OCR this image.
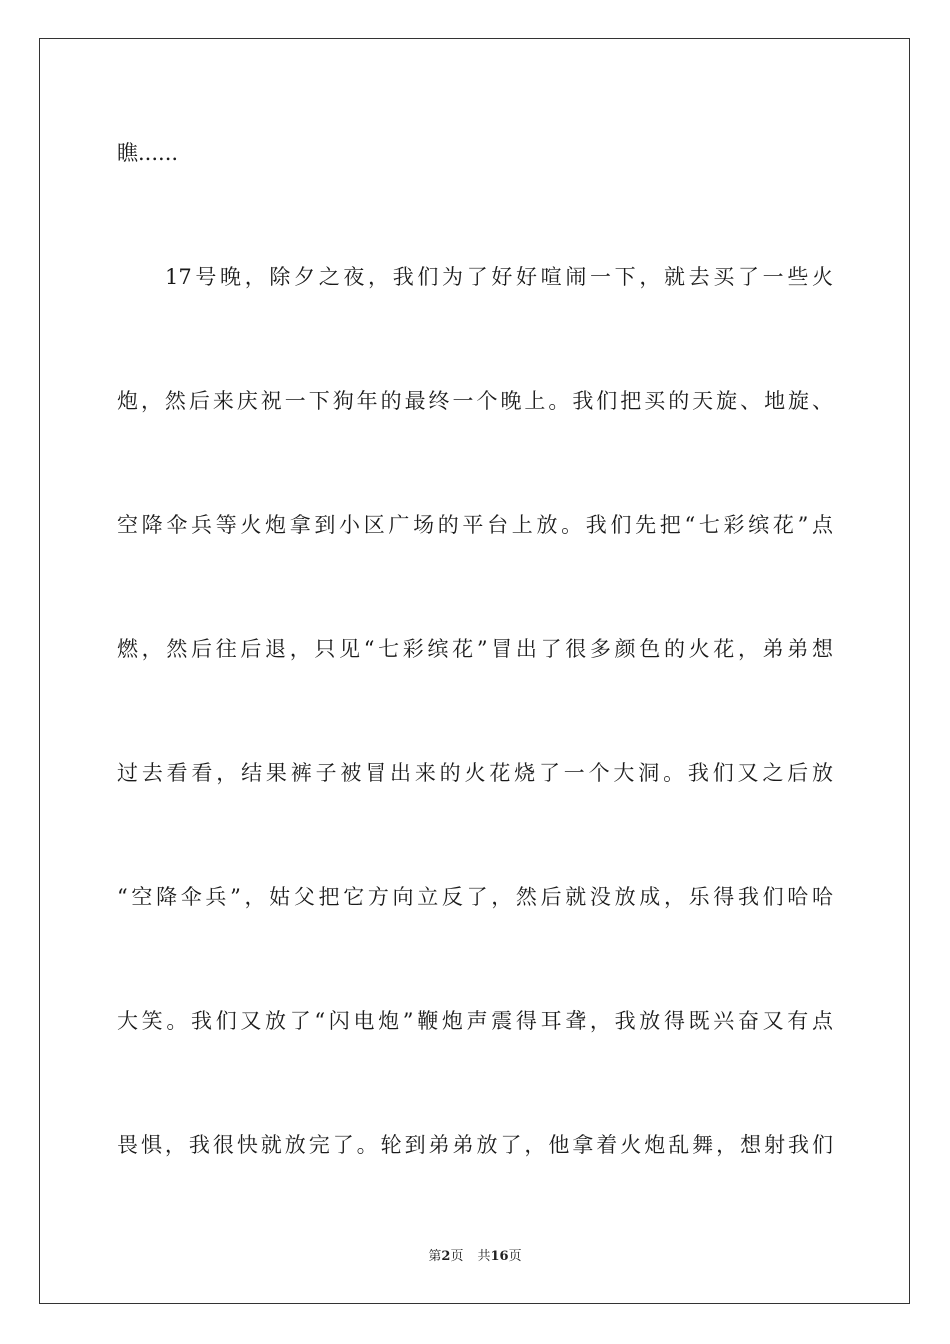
瞧......
17号晚，除夕之夜，我们为了好好喧闹一下，就去买了一些火
炮，然后来庆祝一下狗年的最终一个晚上。我们把买的天旋、地旋、
空降伞兵等火炮拿到小区广场的平台上放。我们先把“七彩缤花”点
燃，然后往后退，只见“七彩缤花”冒出了很多颜色的火花，弟弟想
过去看看，结果裤子被冒出来的火花烧了一个大洞。我们又之后放
“空降伞兵”，姑父把它方向立反了，然后就没放成，乐得我们哈哈
大笑。我们又放了“闪电炮”鞭炮声震得耳聋，我放得既兴奋又有点
畏惧，我很快就放完了。轮到弟弟放了，他拿着火炮乱舞，想射我们
第2页 共16页
